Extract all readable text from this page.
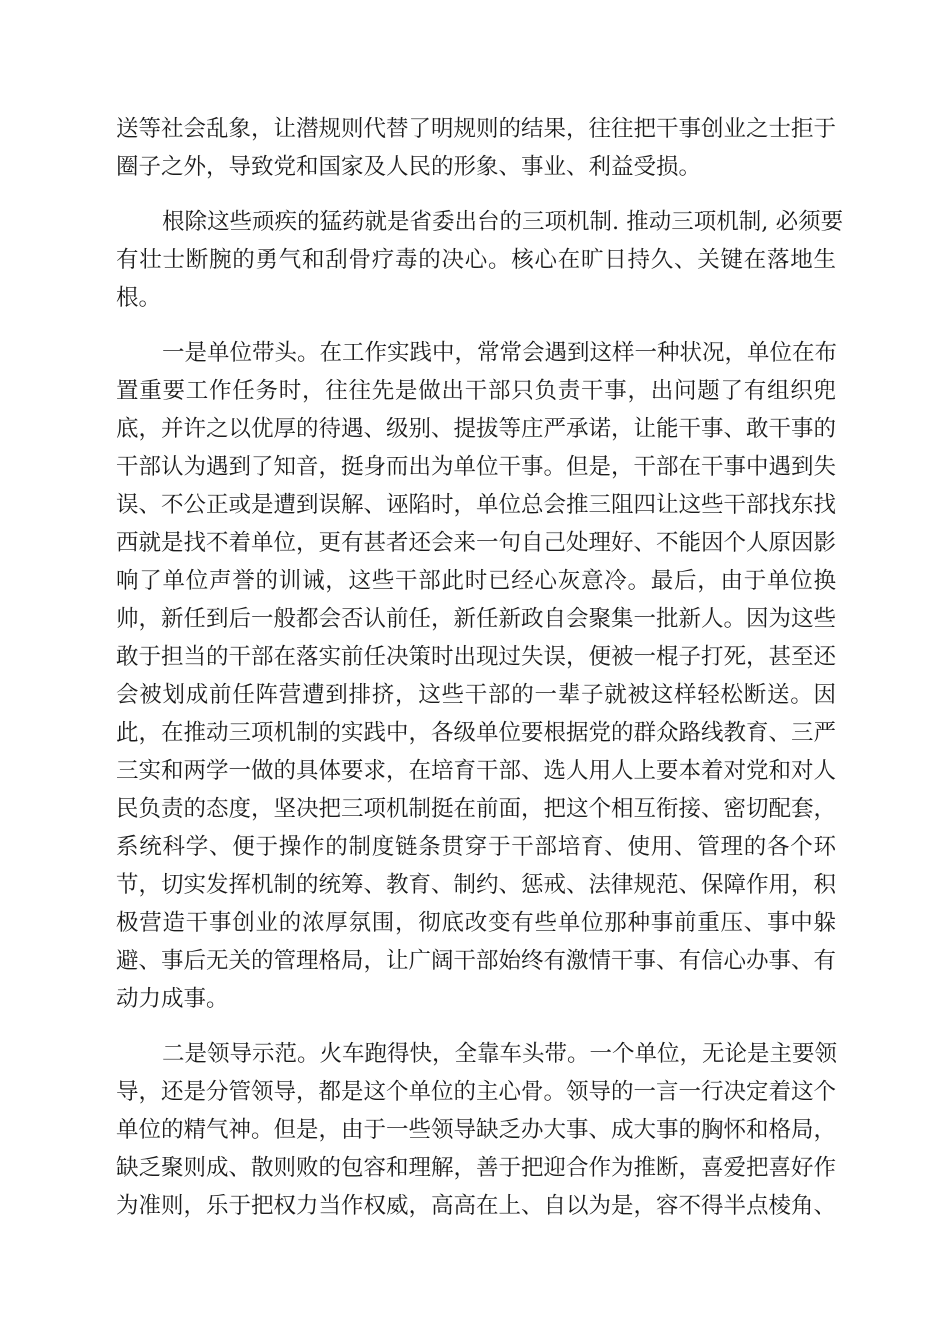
送等社会乱象，让潜规则代替了明规则的结果，往往把干事创业之士拒于

圈子之外，导致党和国家及人民的形象、事业、利益受损。

根除这些顽疾的猛药就是省委出台的三项机制. 推动三项机制, 必须要

有壮士断腕的勇气和刮骨疗毒的决心。核心在旷日持久、关键在落地生

根。

一是单位带头。在工作实践中，常常会遇到这样一种状况，单位在布

置重要工作任务时，往往先是做出干部只负责干事，出问题了有组织兜

底，并许之以优厚的待遇、级别、提拔等庄严承诺，让能干事、敢干事的

干部认为遇到了知音，挺身而出为单位干事。但是，干部在干事中遇到失

误、不公正或是遭到误解、诬陷时，单位总会推三阻四让这些干部找东找

西就是找不着单位，更有甚者还会来一句自己处理好、不能因个人原因影

响了单位声誉的训诫，这些干部此时已经心灰意冷。最后，由于单位换

帅，新任到后一般都会否认前任，新任新政自会聚集一批新人。因为这些

敢于担当的干部在落实前任决策时出现过失误，便被一棍子打死，甚至还

会被划成前任阵营遭到排挤，这些干部的一辈子就被这样轻松断送。因

此，在推动三项机制的实践中，各级单位要根据党的群众路线教育、三严

三实和两学一做的具体要求，在培育干部、选人用人上要本着对党和对人

民负责的态度，坚决把三项机制挺在前面，把这个相互衔接、密切配套，

系统科学、便于操作的制度链条贯穿于干部培育、使用、管理的各个环

节，切实发挥机制的统筹、教育、制约、惩戒、法律规范、保障作用，积

极营造干事创业的浓厚氛围，彻底改变有些单位那种事前重压、事中躲

避、事后无关的管理格局，让广阔干部始终有激情干事、有信心办事、有

动力成事。

二是领导示范。火车跑得快，全靠车头带。一个单位，无论是主要领

导，还是分管领导，都是这个单位的主心骨。领导的一言一行决定着这个

单位的精气神。但是，由于一些领导缺乏办大事、成大事的胸怀和格局，

缺乏聚则成、散则败的包容和理解，善于把迎合作为推断，喜爱把喜好作

为准则，乐于把权力当作权威，高高在上、自以为是，容不得半点棱角、
